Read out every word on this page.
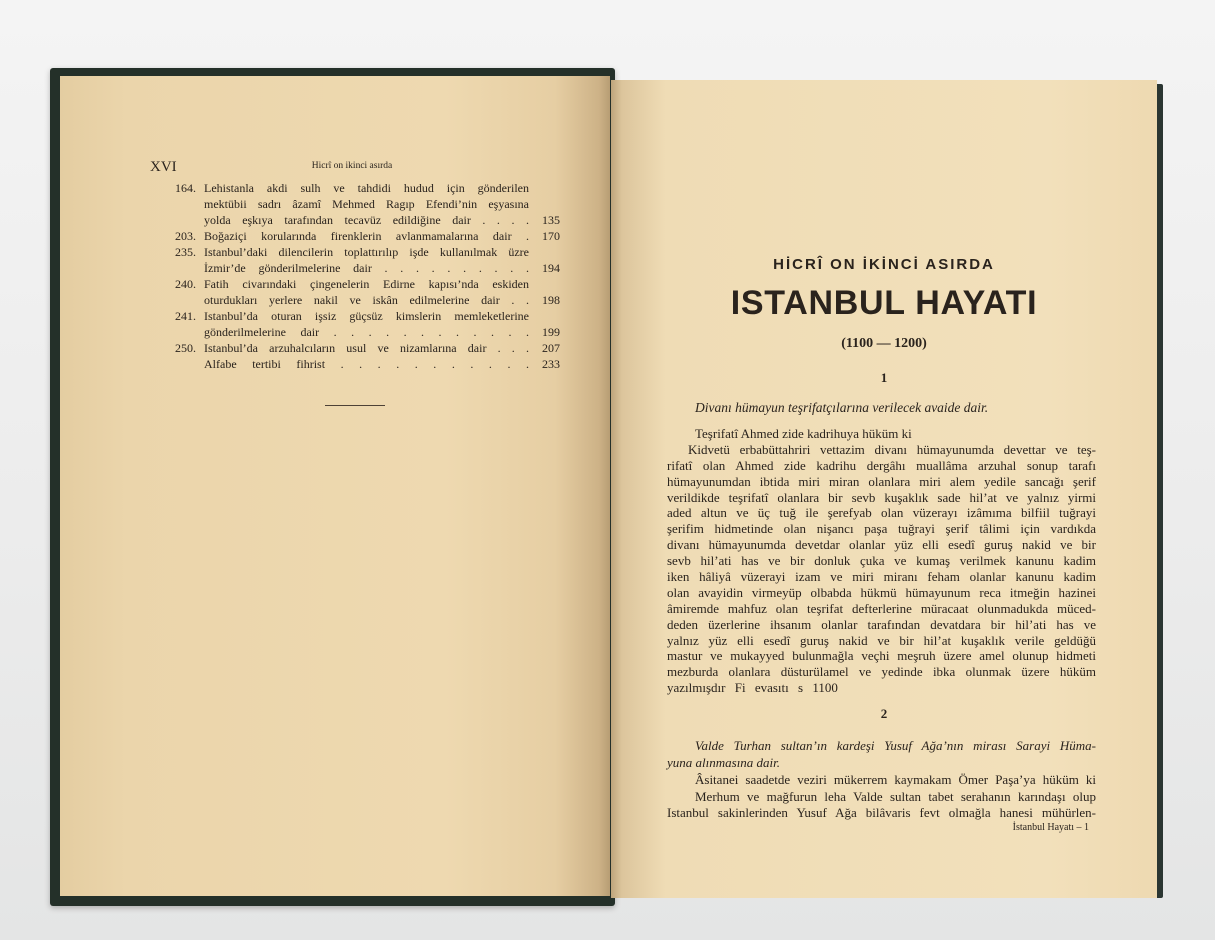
XVI	Hicrî on ikinci asırda
164. Lehistanla akdi sulh ve tahdidi hudud için gönderilen
mektübii sadrı âzamî Mehmed Ragıp Efendi’nin eşyasına
yolda eşkıya tarafından tecavüz edildiğine dair . . . .	135
203. Boğaziçi korularında firenklerin avlanmamalarına dair .	170
235. Istanbul’daki dilencilerin toplattırılıp işde kullanılmak üzre
İzmir’de gönderilmelerine dair . . . . . . . . . .	194
240. Fatih civarındaki çingenelerin Edirne kapısı’nda eskiden
oturdukları yerlere nakil ve iskân edilmelerine dair . .	198
241. Istanbul’da oturan işsiz güçsüz kimslerin memleketlerine
gönderilmelerine dair . . . . . . . . . . . .	199
250. Istanbul’da arzuhalcıların usul ve nizamlarına dair . . .	207
Alfabe tertibi fihrist . . . . . . . . . . .	233
HİCRÎ ON İKİNCİ ASIRDA
ISTANBUL HAYATI
(1100 — 1200)
1
Divanı hümayun teşrifatçılarına verilecek avaide dair.
Teşrifatî Ahmed zide kadrihuya hüküm ki
Kidvetü erbabüttahriri vettazim divanı hümayunumda devettar ve teş-
rifatî olan Ahmed zide kadrihu dergâhı muallâma arzuhal sonup tarafı
hümayunumdan ibtida miri miran olanlara miri alem yedile sancağı şerif
verildikde teşrifatî olanlara bir sevb kuşaklık sade hil’at ve yalnız yirmi
aded altun ve üç tuğ ile şerefyab olan vüzerayı izâmıma bilfiil tuğrayi
şerifim hidmetinde olan nişancı paşa tuğrayi şerif tâlimi için vardıkda
divanı hümayunumda devetdar olanlar yüz elli esedî guruş nakid ve bir
sevb hil’ati has ve bir donluk çuka ve kumaş verilmek kanunu kadim
iken hâliyâ vüzerayi izam ve miri miranı feham olanlar kanunu kadim
olan avayidin virmeyüp olbabda hükmü hümayunum reca itmeğin hazinei
âmiremde mahfuz olan teşrifat defterlerine müracaat olunmadukda müced-
deden üzerlerine ihsanım olanlar tarafından devatdara bir hil’ati has ve
yalnız yüz elli esedî guruş nakid ve bir hil’at kuşaklık verile geldüğü
mastur ve mukayyed bulunmağla veçhi meşruh üzere amel olunup hidmeti
mezburda olanlara düsturülamel ve yedinde ibka olunmak üzere hüküm
yazılmışdır Fi evasıtı s 1100
2
Valde Turhan sultan’ın kardeşi Yusuf Ağa’nın mirası Sarayi Hüma-
yuna alınmasına dair.
Âsitanei saadetde veziri mükerrem kaymakam Ömer Paşa’ya hüküm ki
Merhum ve mağfurun leha Valde sultan tabet serahanın karındaşı olup
Istanbul sakinlerinden Yusuf Ağa bilâvaris fevt olmağla hanesi mühürlen-
İstanbul Hayatı – 1
